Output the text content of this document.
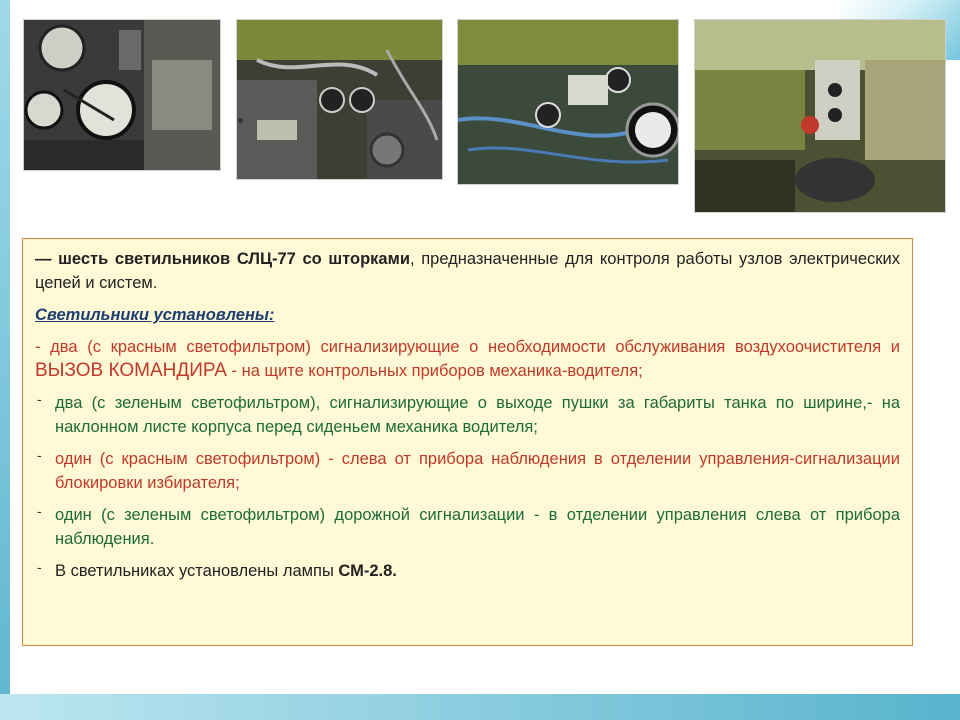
— шесть светильников СЛЦ-77 со шторками, предназначенные для контроля работы узлов электрических цепей и систем.

Светильники установлены:

- два (с красным светофильтром) сигнализирующие о необходимости обслуживания воздухоочистителя и ВЫЗОВ КОМАНДИРА - на щите контрольных приборов механика-водителя;

- два (с зеленым светофильтром), сигнализирующие о выходе пушки за габариты танка по ширине,- на наклонном листе корпуса перед сиденьем механика водителя;
- один (с красным светофильтром) - слева от прибора наблюдения в отделении управления-сигнализации блокировки избирателя;
- один (с зеленым светофильтром) дорожной сигнализации - в отделении управления слева от прибора наблюдения.
- В светильниках установлены лампы СМ-2.8.
